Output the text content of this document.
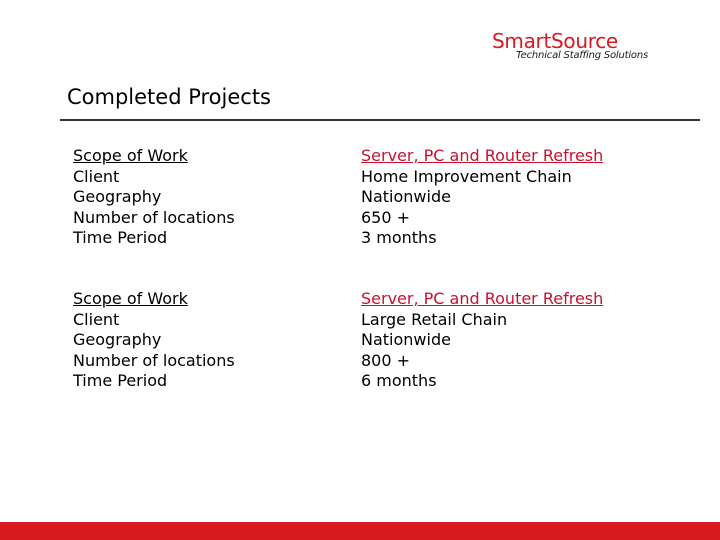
SmartSource
Technical Staffing Solutions
Completed Projects
Scope of Work
Client
Geography
Number of locations
Time Period
Server, PC and Router Refresh
Home Improvement Chain
Nationwide
650 +
3 months
Scope of Work
Client
Geography
Number of locations
Time Period
Server, PC and Router Refresh
Large Retail Chain
Nationwide
800 +
6 months
